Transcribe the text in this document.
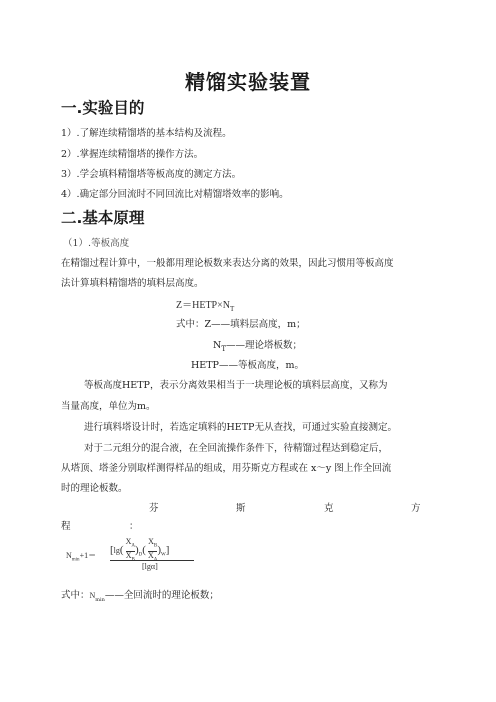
精馏实验装置
一.实验目的
1）.了解连续精馏塔的基本结构及流程。
2）.掌握连续精馏塔的操作方法。
3）.学会填料精馏塔等板高度的测定方法。
4）.确定部分回流时不同回流比对精馏塔效率的影响。
二.基本原理
（1）.等板高度
在精馏过程计算中，一般都用理论板数来表达分离的效果，因此习惯用等板高度
法计算填料精馏塔的填料层高度。
$Z=HETP\times N_T$
式中：Z——填料层高度，m；
$N_T——$理论塔板数；
HETP——等板高度，m。
等板高度HETP，表示分离效果相当于一块理论板的填料层高度，又称为
当量高度，单位为m。
进行填料塔设计时，若选定填料的HETP无从查找，可通过实验直接测定。
对于二元组分的混合液，在全回流操作条件下，待精馏过程达到稳定后，
从塔顶、塔釜分别取样测得样品的组成，用芬斯克方程或在 x～y 图上作全回流
时的理论板数。
芬	斯	克	方
程	：
$N_{min}+1= [\lg( \frac{X_A}{X_B} )_D( \frac{X_B}{X_A} )_W]$
[lgα]
式中：$N_{min}——$全回流时的理论板数；
